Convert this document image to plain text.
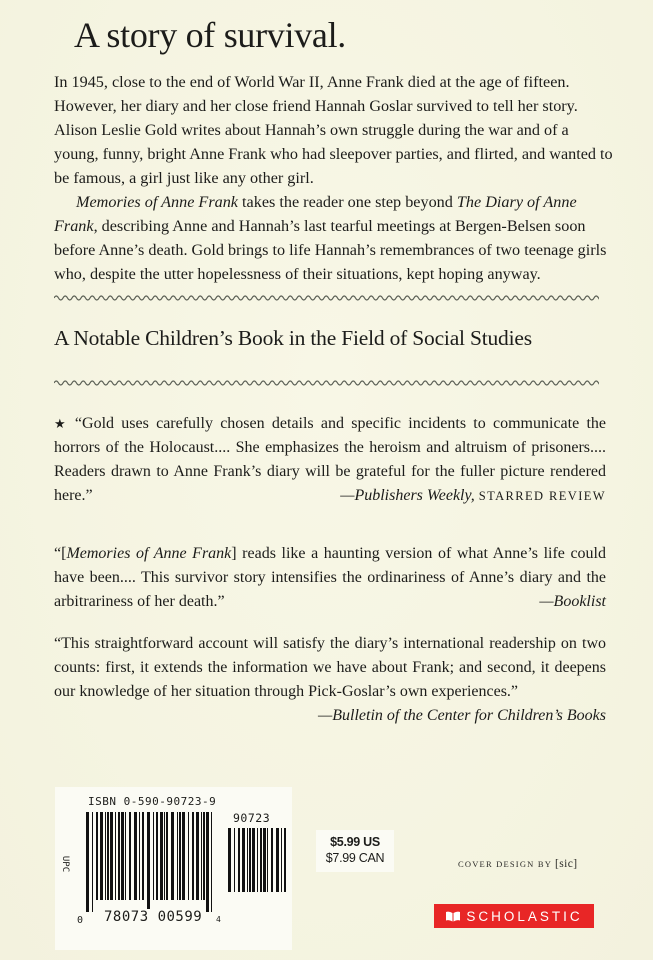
A story of survival.

In 1945, close to the end of World War II, Anne Frank died at the age of fifteen. However, her diary and her close friend Hannah Goslar survived to tell her story. Alison Leslie Gold writes about Hannah’s own struggle during the war and of a young, funny, bright Anne Frank who had sleepover parties, and flirted, and wanted to be famous, a girl just like any other girl.

Memories of Anne Frank takes the reader one step beyond The Diary of Anne Frank, describing Anne and Hannah’s last tearful meetings at Bergen-Belsen soon before Anne’s death. Gold brings to life Hannah’s remembrances of two teenage girls who, despite the utter hopelessness of their situations, kept hoping anyway.

A Notable Children’s Book in the Field of Social Studies

★ “Gold uses carefully chosen details and specific incidents to communicate the horrors of the Holocaust.... She emphasizes the heroism and altruism of prisoners.... Readers drawn to Anne Frank’s diary will be grateful for the fuller picture rendered here.”	—Publishers Weekly, STARRED REVIEW

“[Memories of Anne Frank] reads like a haunting version of what Anne’s life could have been.... This survivor story intensifies the ordinariness of Anne’s diary and the arbitrariness of her death.”	—Booklist

“This straightforward account will satisfy the diary’s international readership on two counts: first, it extends the information we have about Frank; and second, it deepens our knowledge of her situation through Pick-Goslar’s own experiences.”

—Bulletin of the Center for Children’s Books

ISBN 0-590-90723-9
UPC
90723
0 78073 00599 4
$5.99 US
$7.99 CAN	COVER DESIGN BY [sic]
SCHOLASTIC
